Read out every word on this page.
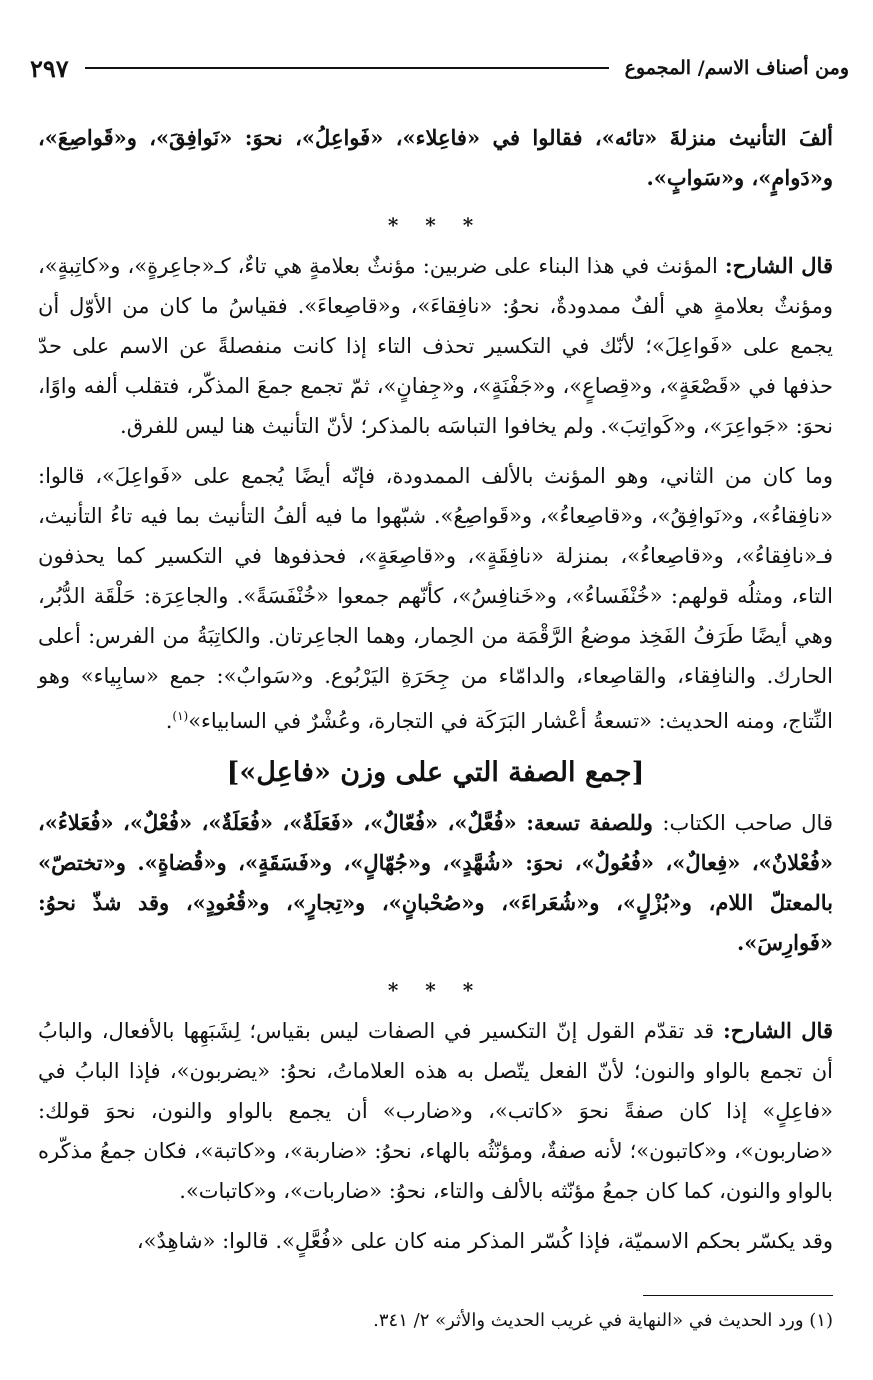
ومن أصناف الاسم/ المجموع
٢٩٧

ألفَ التأنيث منزلةَ «تائه»، فقالوا في «فاعِلاء»، «فَواعِلُ»، نحوَ: «نَوافِقَ»، و«قَواصِعَ»، و«دَوامٍ»، و«سَوابٍ».

* * *

قال الشارح: المؤنث في هذا البناء على ضربين: مؤنثٌ بعلامةٍ هي تاءٌ، كـ«جاعِرةٍ»، و«كاتِبةٍ»، ومؤنثٌ بعلامةٍ هي ألفٌ ممدودةٌ، نحوُ: «نافِقاءَ»، و«قاصِعاءَ». فقياسُ ما كان من الأوّل أن يجمع على «فَواعِلَ»؛ لأنّك في التكسير تحذف التاء إذا كانت منفصلةً عن الاسم على حدّ حذفها في «قَصْعَةٍ»، و«قِصاعٍ»، و«جَفْنَةٍ»، و«جِفانٍ»، ثمّ تجمع جمعَ المذكّر، فتقلب ألفه واوًا، نحوَ: «جَواعِرَ»، و«كَواتِبَ». ولم يخافوا التباسَه بالمذكر؛ لأنّ التأنيث هنا ليس للفرق.

وما كان من الثاني، وهو المؤنث بالألف الممدودة، فإنّه أيضًا يُجمع على «فَواعِلَ»، قالوا: «نافِقاءُ»، و«نَوافِقُ»، و«قاصِعاءُ»، و«قَواصِعُ». شبّهوا ما فيه ألفُ التأنيث بما فيه تاءُ التأنيث، فـ«نافِقاءُ»، و«قاصِعاءُ»، بمنزلة «نافِقَةٍ»، و«قاصِعَةٍ»، فحذفوها في التكسير كما يحذفون التاء، ومثلُه قولهم: «خُنْفَساءُ»، و«خَنافِسُ»، كأنّهم جمعوا «خُنْفَسَةً». والجاعِرَة: حَلْقَة الدُّبُر، وهي أيضًا طَرَفُ الفَخِذ موضعُ الرَّقْمَة من الحِمار، وهما الجاعِرتان. والكاتِبَةُ من الفرس: أعلى الحارك. والنافِقاء، والقاصِعاء، والدامّاء من جِحَرَةِ اليَرْبُوع. و«سَوابٌ»: جمع «سابِياء» وهو النِّتاج، ومنه الحديث: «تسعةُ أعْشار البَرَكَة في التجارة، وعُشْرٌ في السابياء»$^{(١)}$.

[جمع الصفة التي على وزن «فاعِل»]

قال صاحب الكتاب: وللصفة تسعة: «فُعَّلٌ»، «فُعّالٌ»، «فَعَلَةٌ»، «فُعَلَةٌ»، «فُعْلٌ»، «فُعَلاءُ»، «فُعْلانٌ»، «فِعالٌ»، «فُعُولٌ»، نحوَ: «شُهَّدٍ»، و«جُهّالٍ»، و«فَسَقَةٍ»، و«قُضاةٍ». و«تختصّ» بالمعتلّ اللام، و«بُزْلٍ»، و«شُعَراءَ»، و«صُحْبانٍ»، و«تِجارٍ»، و«قُعُودٍ»، وقد شذّ نحوُ: «فَوارِسَ».

* * *

قال الشارح: قد تقدّم القول إنّ التكسير في الصفات ليس بقياس؛ لِشَبَهِها بالأفعال، والبابُ أن تجمع بالواو والنون؛ لأنّ الفعل يتّصل به هذه العلاماتُ، نحوُ: «يضربون»، فإذا البابُ في «فاعِلٍ» إذا كان صفةً نحوَ «كاتب»، و«ضارب» أن يجمع بالواو والنون، نحوَ قولك: «ضاربون»، و«كاتبون»؛ لأنه صفةٌ، ومؤنّثُه بالهاء، نحوُ: «ضاربة»، و«كاتبة»، فكان جمعُ مذكّره بالواو والنون، كما كان جمعُ مؤنّثه بالألف والتاء، نحوُ: «ضاربات»، و«كاتبات».

وقد يكسّر بحكم الاسميّة، فإذا كُسّر المذكر منه كان على «فُعَّلٍ». قالوا: «شاهِدٌ»،

(١) ورد الحديث في «النهاية في غريب الحديث والأثر» ٢/ ٣٤١.
